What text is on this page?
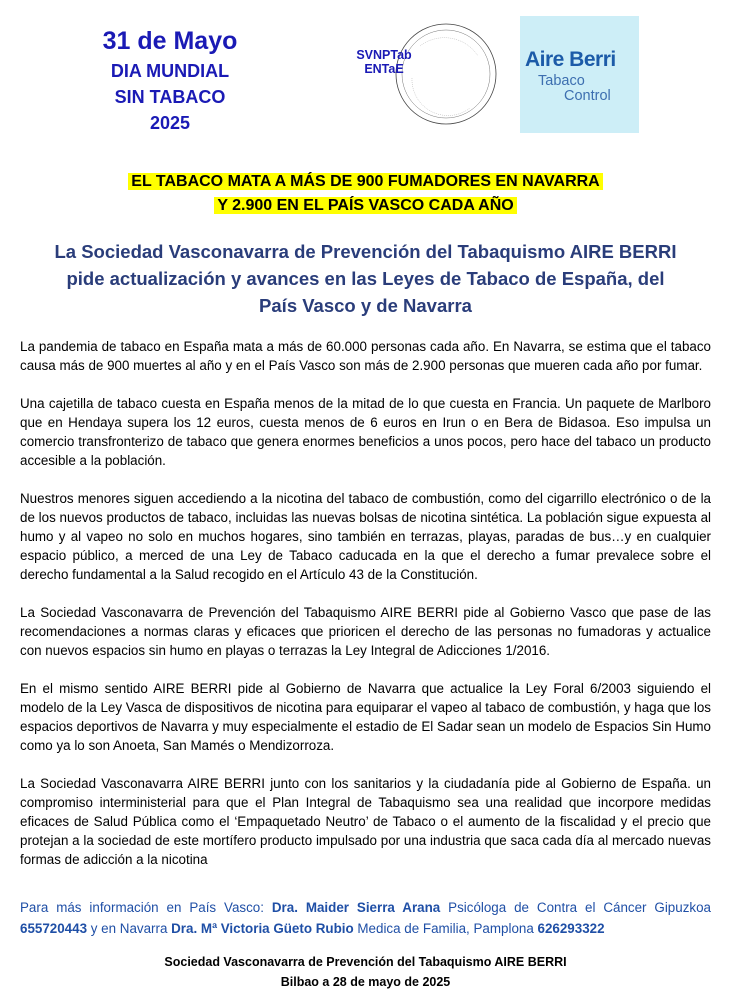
31 de Mayo
DIA MUNDIAL
SIN TABACO
2025
SVNPTab
ENTaE	Aire Berri
Tabaco
Control
EL TABACO MATA A MÁS DE 900 FUMADORES EN NAVARRA
Y 2.900 EN EL PAÍS VASCO CADA AÑO
La Sociedad Vasconavarra de Prevención del Tabaquismo AIRE BERRI
pide actualización y avances en las Leyes de Tabaco de España, del
País Vasco y de Navarra

La pandemia de tabaco en España mata a más de 60.000 personas cada año. En Navarra, se estima que el tabaco causa más de 900 muertes al año y en el País Vasco son más de 2.900 personas que mueren cada año por fumar.

Una cajetilla de tabaco cuesta en España menos de la mitad de lo que cuesta en Francia. Un paquete de Marlboro que en Hendaya supera los 12 euros, cuesta menos de 6 euros en Irun o en Bera de Bidasoa. Eso impulsa un comercio transfronterizo de tabaco que genera enormes beneficios a unos pocos, pero hace del tabaco un producto accesible a la población.

Nuestros menores siguen accediendo a la nicotina del tabaco de combustión, como del cigarrillo electrónico o de la de los nuevos productos de tabaco, incluidas las nuevas bolsas de nicotina sintética. La población sigue expuesta al humo y al vapeo no solo en muchos hogares, sino también en terrazas, playas, paradas de bus…y en cualquier espacio público, a merced de una Ley de Tabaco caducada en la que el derecho a fumar prevalece sobre el derecho fundamental a la Salud recogido en el Artículo 43 de la Constitución.

La Sociedad Vasconavarra de Prevención del Tabaquismo AIRE BERRI pide al Gobierno Vasco que pase de las recomendaciones a normas claras y eficaces que prioricen el derecho de las personas no fumadoras y actualice con nuevos espacios sin humo en playas o terrazas la Ley Integral de Adicciones 1/2016.

En el mismo sentido AIRE BERRI pide al Gobierno de Navarra que actualice la Ley Foral 6/2003 siguiendo el modelo de la Ley Vasca de dispositivos de nicotina para equiparar el vapeo al tabaco de combustión, y haga que los espacios deportivos de Navarra y muy especialmente el estadio de El Sadar sean un modelo de Espacios Sin Humo como ya lo son Anoeta, San Mamés o Mendizorroza.

La Sociedad Vasconavarra AIRE BERRI junto con los sanitarios y la ciudadanía pide al Gobierno de España. un compromiso interministerial para que el Plan Integral de Tabaquismo sea una realidad que incorpore medidas eficaces de Salud Pública como el ‘Empaquetado Neutro’ de Tabaco o el aumento de la fiscalidad y el precio que protejan a la sociedad de este mortífero producto impulsado por una industria que saca cada día al mercado nuevas formas de adicción a la nicotina

Para más información en País Vasco: Dra. Maider Sierra Arana Psicóloga de Contra el Cáncer Gipuzkoa 655720443 y en Navarra Dra. Mª Victoria Güeto Rubio Medica de Familia, Pamplona 626293322
Sociedad Vasconavarra de Prevención del Tabaquismo AIRE BERRI
Bilbao a 28 de mayo de 2025
